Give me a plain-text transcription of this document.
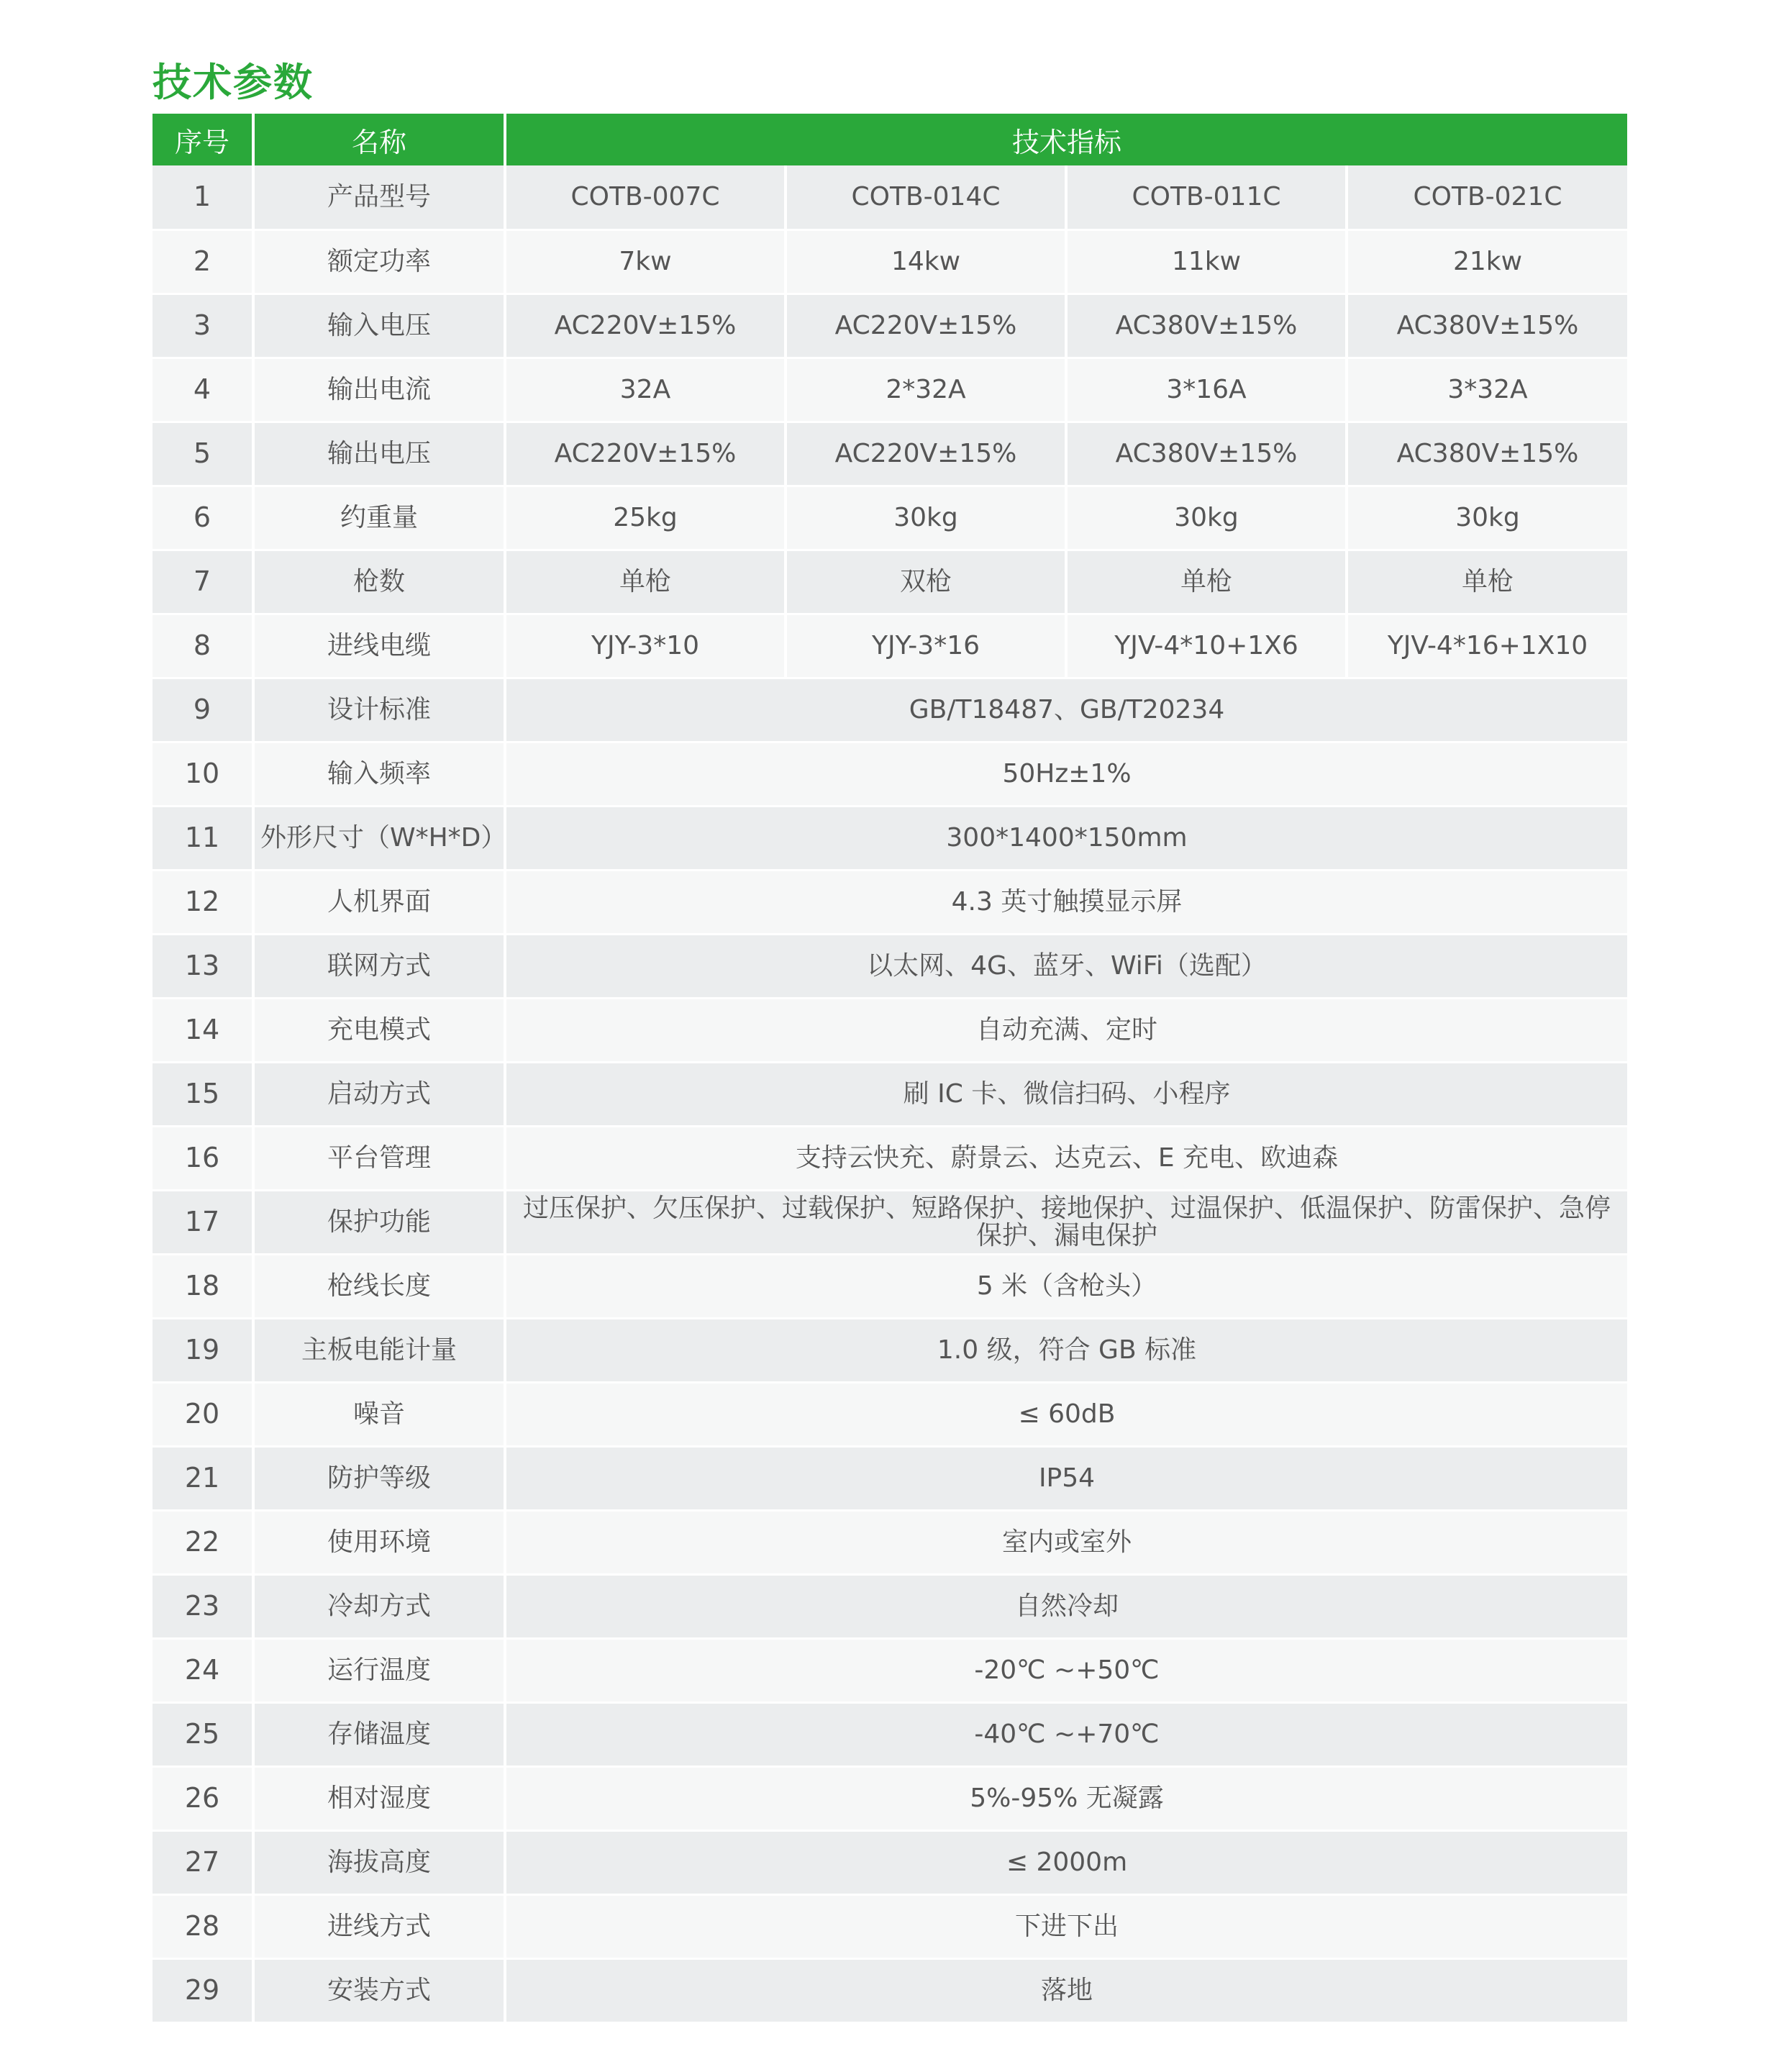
技术参数
序号	名称	技术指标			
1	产品型号	COTB-007C	COTB-014C	COTB-011C	COTB-021C
2	额定功率	7kw	14kw	11kw	21kw
3	输入电压	AC220V±15%	AC220V±15%	AC380V±15%	AC380V±15%
4	输出电流	32A	2*32A	3*16A	3*32A
5	输出电压	AC220V±15%	AC220V±15%	AC380V±15%	AC380V±15%
6	约重量	25kg	30kg	30kg	30kg
7	枪数	单枪	双枪	单枪	单枪
8	进线电缆	YJY-3*10	YJY-3*16	YJV-4*10+1X6	YJV-4*16+1X10
9	设计标准	GB/T18487、GB/T20234			
10	输入频率	50Hz±1%			
11	外形尺寸（W*H*D）	300*1400*150mm			
12	人机界面	4.3 英寸触摸显示屏			
13	联网方式	以太网、4G、蓝牙、WiFi（选配）			
14	充电模式	自动充满、定时			
15	启动方式	刷 IC 卡、微信扫码、小程序			
16	平台管理	支持云快充、蔚景云、达克云、E 充电、欧迪森			
17	保护功能	过压保护、欠压保护、过载保护、短路保护、接地保护、过温保护、低温保护、防雷保护、急停保护、漏电保护			
18	枪线长度	5 米（含枪头）			
19	主板电能计量	1.0 级，符合 GB 标准			
20	噪音	≤ 60dB			
21	防护等级	IP54			
22	使用环境	室内或室外			
23	冷却方式	自然冷却			
24	运行温度	-20℃ ~+50℃			
25	存储温度	-40℃ ~+70℃			
26	相对湿度	5%-95% 无凝露			
27	海拔高度	≤ 2000m			
28	进线方式	下进下出			
29	安装方式	落地			
